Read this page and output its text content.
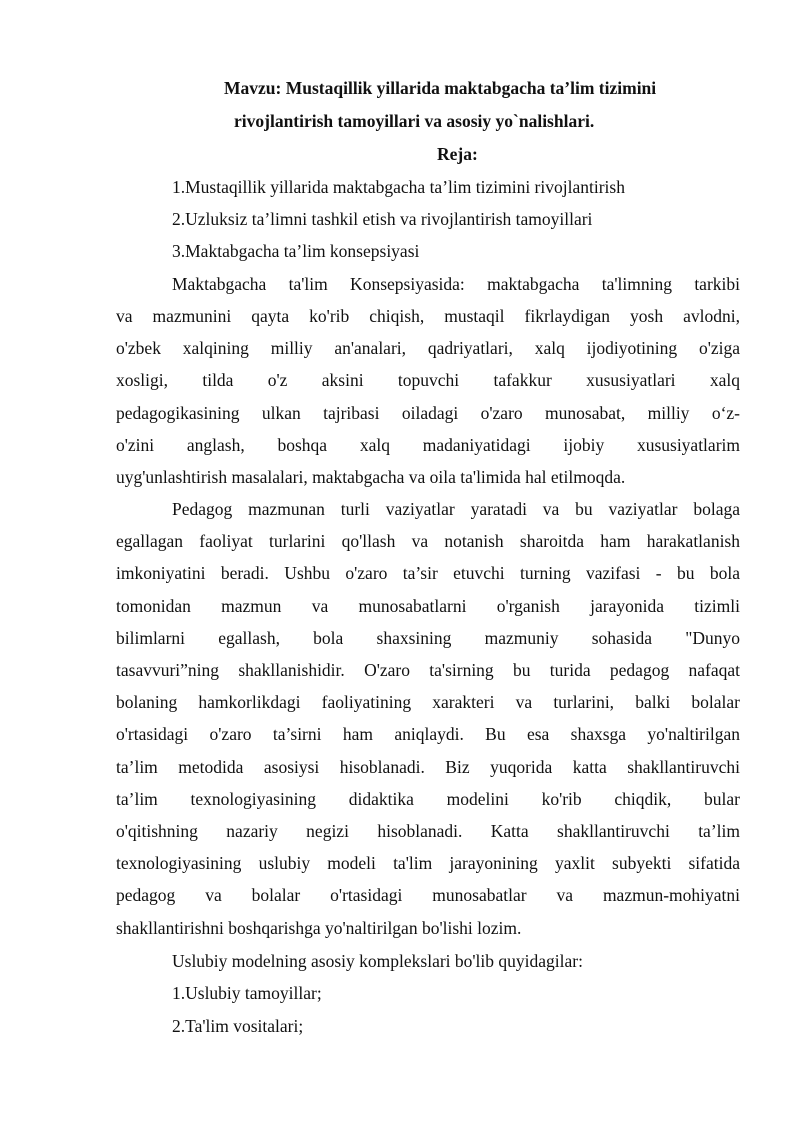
Mavzu: Mustaqillik yillarida maktabgacha ta’lim tizimini
rivojlantirish tamoyillari va asosiy yo`nalishlari.
Reja:
1.Mustaqillik yillarida maktabgacha ta’lim tizimini rivojlantirish
2.Uzluksiz ta’limni tashkil etish va rivojlantirish tamoyillari
3.Maktabgacha ta’lim konsepsiyasi
Maktabgacha ta'lim Konsepsiyasida: maktabgacha ta'limning tarkibi
va mazmunini qayta ko'rib chiqish, mustaqil fikrlaydigan yosh avlodni,
o'zbek xalqining milliy an'analari, qadriyatlari, xalq ijodiyotining o'ziga
xosligi, tilda o'z aksini topuvchi tafakkur xususiyatlari xalq
pedagogikasining ulkan tajribasi oiladagi o'zaro munosabat, milliy o‘z-
o'zini anglash, boshqa xalq madaniyatidagi ijobiy xususiyatlarim
uyg'unlashtirish masalalari, maktabgacha va oila ta'limida hal etilmoqda.
Pedagog mazmunan turli vaziyatlar yaratadi va bu vaziyatlar bolaga
egallagan faoliyat turlarini qo'llash va notanish sharoitda ham harakatlanish
imkoniyatini beradi. Ushbu o'zaro ta’sir etuvchi turning vazifasi - bu bola
tomonidan mazmun va munosabatlarni o'rganish jarayonida tizimli
bilimlarni egallash, bola shaxsining mazmuniy sohasida "Dunyo
tasavvuri”ning shakllanishidir. O'zaro ta'sirning bu turida pedagog nafaqat
bolaning hamkorlikdagi faoliyatining xarakteri va turlarini, balki bolalar
o'rtasidagi o'zaro ta’sirni ham aniqlaydi. Bu esa shaxsga yo'naltirilgan
ta’lim metodida asosiysi hisoblanadi. Biz yuqorida katta shakllantiruvchi
ta’lim texnologiyasining didaktika modelini ko'rib chiqdik, bular
o'qitishning nazariy negizi hisoblanadi. Katta shakllantiruvchi ta’lim
texnologiyasining uslubiy modeli ta'lim jarayonining yaxlit subyekti sifatida
pedagog va bolalar o'rtasidagi munosabatlar va mazmun-mohiyatni
shakllantirishni boshqarishga yo'naltirilgan bo'lishi lozim.
Uslubiy modelning asosiy komplekslari bo'lib quyidagilar:
1.Uslubiy tamoyillar;
2.Ta'lim vositalari;
